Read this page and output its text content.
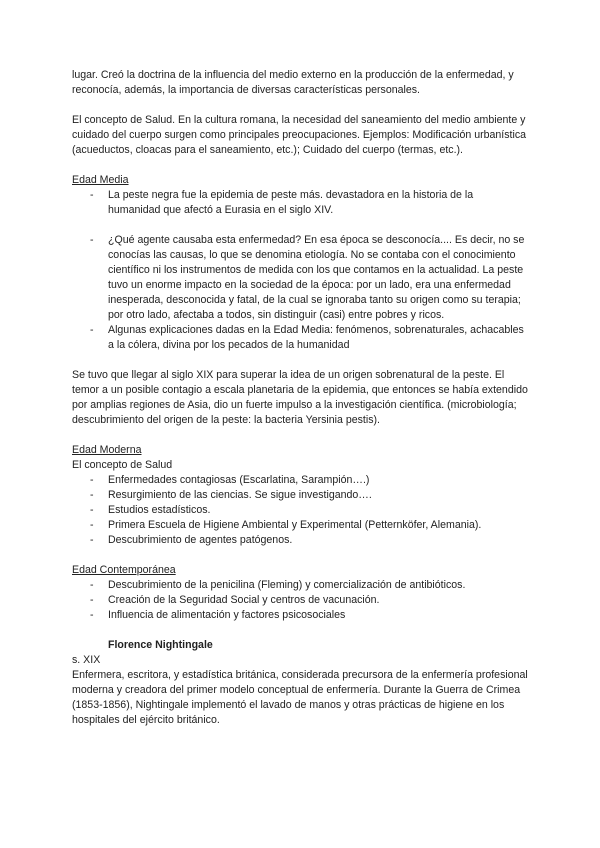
lugar. Creó la doctrina de la influencia del medio externo en la producción de la enfermedad, y reconocía, además, la importancia de diversas características personales.

El concepto de Salud. En la cultura romana, la necesidad del saneamiento del medio ambiente y cuidado del cuerpo surgen como principales preocupaciones. Ejemplos: Modificación urbanística (acueductos, cloacas para el saneamiento, etc.); Cuidado del cuerpo (termas, etc.).

Edad Media

- La peste negra fue la epidemia de peste más. devastadora en la historia de la humanidad que afectó a Eurasia en el siglo XIV.
- ¿Qué agente causaba esta enfermedad? En esa época se desconocía.... Es decir, no se conocías las causas, lo que se denomina etiología. No se contaba con el conocimiento científico ni los instrumentos de medida con los que contamos en la actualidad. La peste tuvo un enorme impacto en la sociedad de la época: por un lado, era una enfermedad inesperada, desconocida y fatal, de la cual se ignoraba tanto su origen como su terapia; por otro lado, afectaba a todos, sin distinguir (casi) entre pobres y ricos.
- Algunas explicaciones dadas en la Edad Media: fenómenos, sobrenaturales, achacables a la cólera, divina por los pecados de la humanidad

Se tuvo que llegar al siglo XIX para superar la idea de un origen sobrenatural de la peste. El temor a un posible contagio a escala planetaria de la epidemia, que entonces se había extendido por amplias regiones de Asia, dio un fuerte impulso a la investigación científica. (microbiología; descubrimiento del origen de la peste: la bacteria Yersinia pestis).

Edad Moderna

El concepto de Salud

- Enfermedades contagiosas (Escarlatina, Sarampión….)
- Resurgimiento de las ciencias. Se sigue investigando….
- Estudios estadísticos.
- Primera Escuela de Higiene Ambiental y Experimental (Petternköfer, Alemania).
- Descubrimiento de agentes patógenos.

Edad Contemporánea

- Descubrimiento de la penicilina (Fleming) y comercialización de antibióticos.
- Creación de la Seguridad Social y centros de vacunación.
- Influencia de alimentación y factores psicosociales

Florence Nightingale

s. XIX

Enfermera, escritora, y estadística británica, considerada precursora de la enfermería profesional moderna y creadora del primer modelo conceptual de enfermería. Durante la Guerra de Crimea (1853-1856), Nightingale implementó el lavado de manos y otras prácticas de higiene en los hospitales del ejército británico.
